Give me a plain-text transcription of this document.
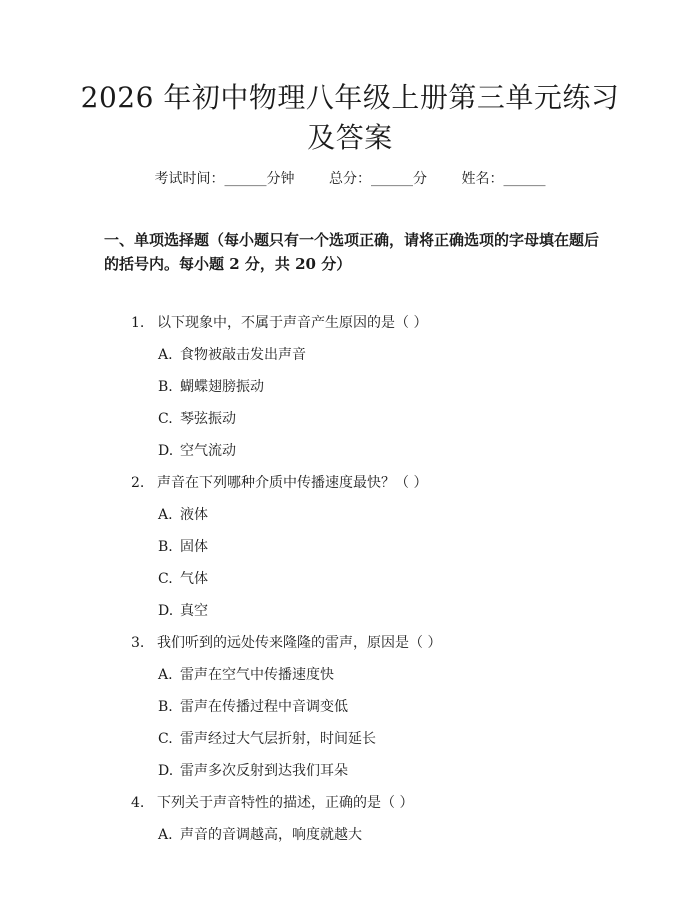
2026 年初中物理八年级上册第三单元练习及答案
考试时间：______分钟 总分：______分 姓名：______

一、单项选择题（每小题只有一个选项正确，请将正确选项的字母填在题后的括号内。每小题 2 分，共 20 分）

1. 以下现象中，不属于声音产生原因的是（ ）
A. 食物被敲击发出声音
B. 蝴蝶翅膀振动
C. 琴弦振动
D. 空气流动
2. 声音在下列哪种介质中传播速度最快？（ ）
A. 液体
B. 固体
C. 气体
D. 真空
3. 我们听到的远处传来隆隆的雷声，原因是（ ）
A. 雷声在空气中传播速度快
B. 雷声在传播过程中音调变低
C. 雷声经过大气层折射，时间延长
D. 雷声多次反射到达我们耳朵
4. 下列关于声音特性的描述，正确的是（ ）
A. 声音的音调越高，响度就越大
